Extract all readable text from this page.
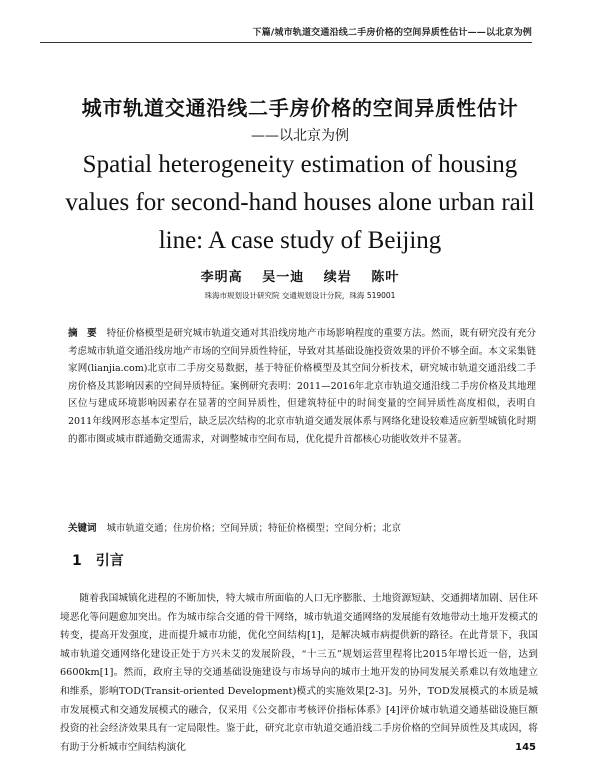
下篇/城市轨道交通沿线二手房价格的空间异质性估计——以北京为例
城市轨道交通沿线二手房价格的空间异质性估计
——以北京为例
Spatial heterogeneity estimation of housing values for second-hand houses alone urban rail line: A case study of Beijing
李明高 吴一迪 续岩 陈叶
珠海市规划设计研究院 交通规划设计分院，珠海 519001
摘　要 特征价格模型是研究城市轨道交通对其沿线房地产市场影响程度的重要方法。然而，既有研究没有充分考虑城市轨道交通沿线房地产市场的空间异质性特征，导致对其基础设施投资效果的评价不够全面。本文采集链家网(lianjia.com)北京市二手房交易数据，基于特征价格模型及其空间分析技术，研究城市轨道交通沿线二手房价格及其影响因素的空间异质特征。案例研究表明：2011—2016年北京市轨道交通沿线二手房价格及其地理区位与建成环境影响因素存在显著的空间异质性，但建筑特征中的时间变量的空间异质性高度相似，表明自2011年线网形态基本定型后，缺乏层次结构的北京市轨道交通发展体系与网络化建设较难适应新型城镇化时期的都市圈或城市群通勤交通需求，对调整城市空间布局，优化提升首都核心功能收效并不显著。
关键词 城市轨道交通；住房价格；空间异质；特征价格模型；空间分析；北京
1 引言
随着我国城镇化进程的不断加快，特大城市所面临的人口无序膨胀、土地资源短缺、交通拥堵加剧、居住环境恶化等问题愈加突出。作为城市综合交通的骨干网络，城市轨道交通网络的发展能有效地带动土地开发模式的转变，提高开发强度，进而提升城市功能，优化空间结构[1]，是解决城市病提供新的路径。在此背景下，我国城市轨道交通网络化建设正处于方兴未艾的发展阶段，“十三五”规划运营里程将比2015年增长近一倍，达到6600km[1]。然而，政府主导的交通基础设施建设与市场导向的城市土地开发的协同发展关系难以有效地建立和维系，影响TOD(Transit-oriented Development)模式的实施效果[2-3]。另外，TOD发展模式的本质是城市发展模式和交通发展模式的融合，仅采用《公交都市考核评价指标体系》[4]评价城市轨道交通基础设施巨额投资的社会经济效果具有一定局限性。鉴于此，研究北京市轨道交通沿线二手房价格的空间异质性及其成因，将有助于分析城市空间结构演化	145
